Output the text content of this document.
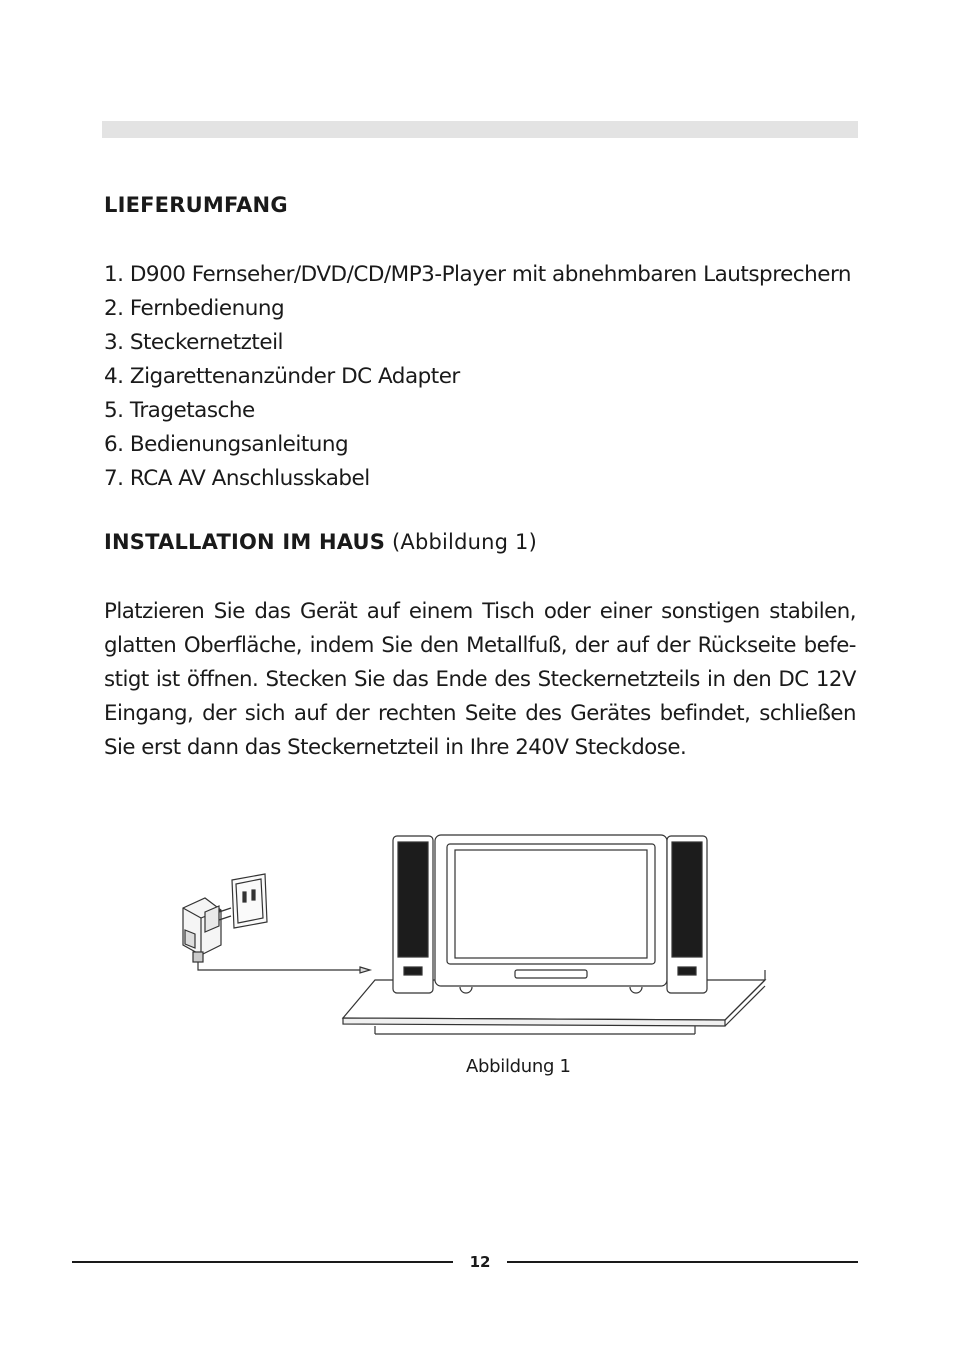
LIEFERUMFANG
1. D900 Fernseher/DVD/CD/MP3-Player mit abnehmbaren Lautsprechern
2. Fernbedienung
3. Steckernetzteil
4. Zigarettenanzünder DC Adapter
5. Tragetasche
6. Bedienungsanleitung
7. RCA AV Anschlusskabel
INSTALLATION IM HAUS (Abbildung 1)

Platzieren Sie das Gerät auf einem Tisch oder einer sonstigen stabilen, glatten Oberfläche, indem Sie den Metallfuß, der auf der Rückseite befe-stigt ist öffnen. Stecken Sie das Ende des Steckernetzteils in den DC 12V Eingang, der sich auf der rechten Seite des Gerätes befindet, schließen Sie erst dann das Steckernetzteil in Ihre 240V Steckdose.

Abbildung 1
12
